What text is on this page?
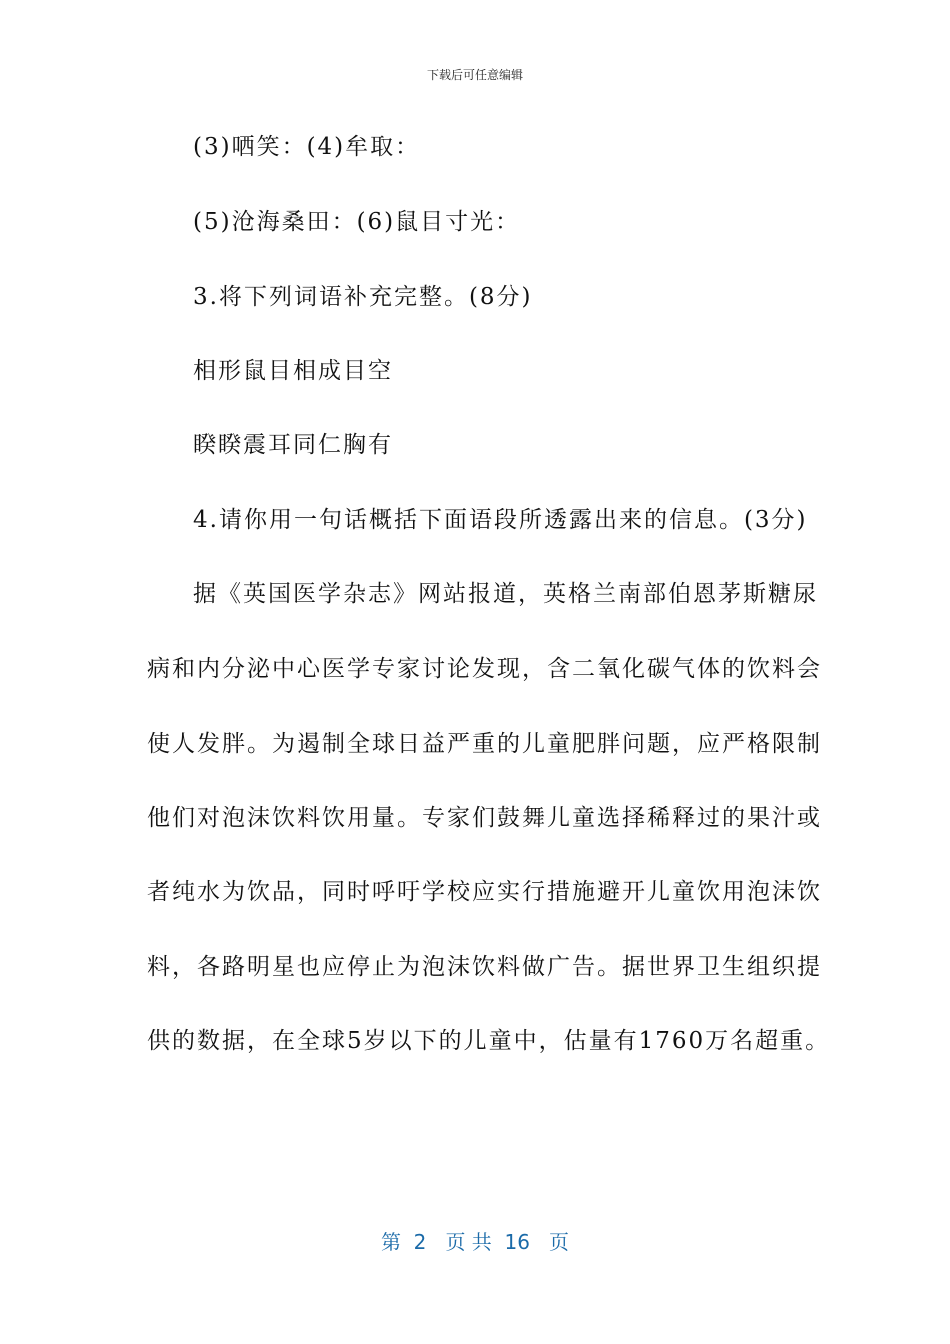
下载后可任意编辑
(3)哂笑：(4)牟取：
(5)沧海桑田：(6)鼠目寸光：
3.将下列词语补充完整。(8分)
相形鼠目相成目空
睽睽震耳同仁胸有
4.请你用一句话概括下面语段所透露出来的信息。(3分)
据《英国医学杂志》网站报道，英格兰南部伯恩茅斯糖尿
病和内分泌中心医学专家讨论发现，含二氧化碳气体的饮料会
使人发胖。为遏制全球日益严重的儿童肥胖问题，应严格限制
他们对泡沫饮料饮用量。专家们鼓舞儿童选择稀释过的果汁或
者纯水为饮品，同时呼吁学校应实行措施避开儿童饮用泡沫饮
料，各路明星也应停止为泡沫饮料做广告。据世界卫生组织提
供的数据，在全球5岁以下的儿童中，估量有1760万名超重。
第  2   页 共  16   页
